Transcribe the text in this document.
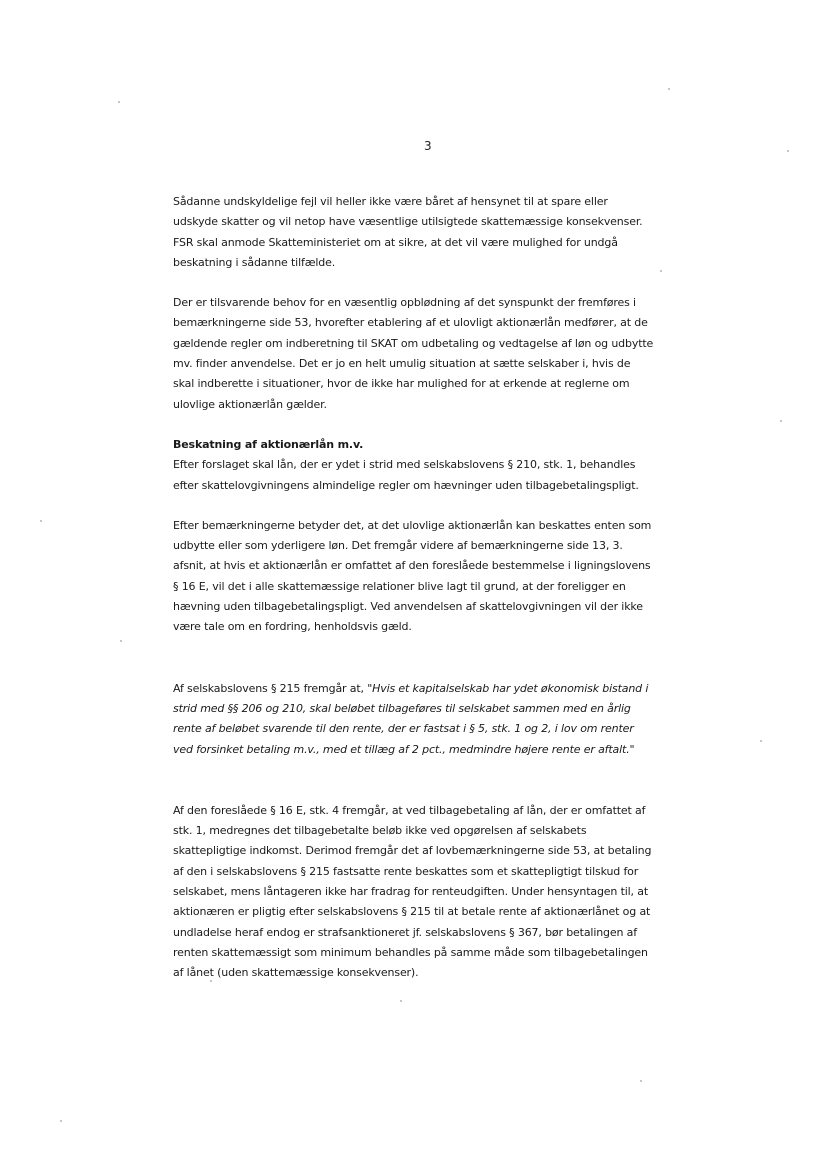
3

Sådanne undskyldelige fejl vil heller ikke være båret af hensynet til at spare eller

udskyde skatter og vil netop have væsentlige utilsigtede skattemæssige konsekvenser.

FSR skal anmode Skatteministeriet om at sikre, at det vil være mulighed for undgå

beskatning i sådanne tilfælde.

Der er tilsvarende behov for en væsentlig opblødning af det synspunkt der fremføres i

bemærkningerne side 53, hvorefter etablering af et ulovligt aktionærlån medfører, at de

gældende regler om indberetning til SKAT om udbetaling og vedtagelse af løn og udbytte

mv. finder anvendelse. Det er jo en helt umulig situation at sætte selskaber i, hvis de

skal indberette i situationer, hvor de ikke har mulighed for at erkende at reglerne om

ulovlige aktionærlån gælder.

Beskatning af aktionærlån m.v.

Efter forslaget skal lån, der er ydet i strid med selskabslovens § 210, stk. 1, behandles

efter skattelovgivningens almindelige regler om hævninger uden tilbagebetalingspligt.

Efter bemærkningerne betyder det, at det ulovlige aktionærlån kan beskattes enten som

udbytte eller som yderligere løn. Det fremgår videre af bemærkningerne side 13, 3.

afsnit, at hvis et aktionærlån er omfattet af den foreslåede bestemmelse i ligningslovens

§ 16 E, vil det i alle skattemæssige relationer blive lagt til grund, at der foreligger en

hævning uden tilbagebetalingspligt. Ved anvendelsen af skattelovgivningen vil der ikke

være tale om en fordring, henholdsvis gæld.

Af selskabslovens § 215 fremgår at, "Hvis et kapitalselskab har ydet økonomisk bistand i

strid med §§ 206 og 210, skal beløbet tilbageføres til selskabet sammen med en årlig

rente af beløbet svarende til den rente, der er fastsat i § 5, stk. 1 og 2, i lov om renter

ved forsinket betaling m.v., med et tillæg af 2 pct., medmindre højere rente er aftalt."

Af den foreslåede § 16 E, stk. 4 fremgår, at ved tilbagebetaling af lån, der er omfattet af

stk. 1, medregnes det tilbagebetalte beløb ikke ved opgørelsen af selskabets

skattepligtige indkomst. Derimod fremgår det af lovbemærkningerne side 53, at betaling

af den i selskabslovens § 215 fastsatte rente beskattes som et skattepligtigt tilskud for

selskabet, mens låntageren ikke har fradrag for renteudgiften. Under hensyntagen til, at

aktionæren er pligtig efter selskabslovens § 215 til at betale rente af aktionærlånet og at

undladelse heraf endog er strafsanktioneret jf. selskabslovens § 367, bør betalingen af

renten skattemæssigt som minimum behandles på samme måde som tilbagebetalingen

af lånet (uden skattemæssige konsekvenser).
